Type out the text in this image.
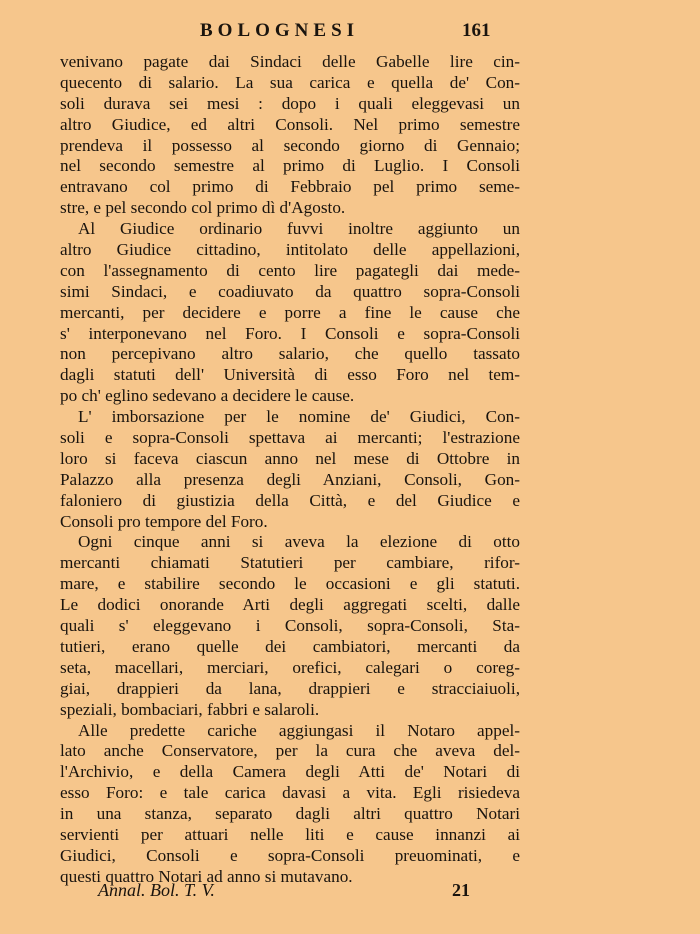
BOLOGNESI	161
venivano pagate dai Sindaci delle Gabelle lire cin-
quecento di salario. La sua carica e quella de' Con-
soli durava sei mesi : dopo i quali eleggevasi un
altro Giudice, ed altri Consoli. Nel primo semestre
prendeva il possesso al secondo giorno di Gennaio;
nel secondo semestre al primo di Luglio. I Consoli
entravano col primo di Febbraio pel primo seme-
stre, e pel secondo col primo dì d'Agosto.
Al Giudice ordinario fuvvi inoltre aggiunto un
altro Giudice cittadino, intitolato delle appellazioni,
con l'assegnamento di cento lire pagategli dai mede-
simi Sindaci, e coadiuvato da quattro sopra-Consoli
mercanti, per decidere e porre a fine le cause che
s' interponevano nel Foro. I Consoli e sopra-Consoli
non percepivano altro salario, che quello tassato
dagli statuti dell' Università di esso Foro nel tem-
po ch' eglino sedevano a decidere le cause.
L' imborsazione per le nomine de' Giudici, Con-
soli e sopra-Consoli spettava ai mercanti; l'estrazione
loro si faceva ciascun anno nel mese di Ottobre in
Palazzo alla presenza degli Anziani, Consoli, Gon-
faloniero di giustizia della Città, e del Giudice e
Consoli pro tempore del Foro.
Ogni cinque anni si aveva la elezione di otto
mercanti chiamati Statutieri per cambiare, rifor-
mare, e stabilire secondo le occasioni e gli statuti.
Le dodici onorande Arti degli aggregati scelti, dalle
quali s' eleggevano i Consoli, sopra-Consoli, Sta-
tutieri, erano quelle dei cambiatori, mercanti da
seta, macellari, merciari, orefici, calegari o coreg-
giai, drappieri da lana, drappieri e stracciaiuoli,
speziali, bombaciari, fabbri e salaroli.
Alle predette cariche aggiungasi il Notaro appel-
lato anche Conservatore, per la cura che aveva del-
l'Archivio, e della Camera degli Atti de' Notari di
esso Foro: e tale carica davasi a vita. Egli risiedeva
in una stanza, separato dagli altri quattro Notari
servienti per attuari nelle liti e cause innanzi ai
Giudici, Consoli e sopra-Consoli preuominati, e
questi quattro Notari ad anno si mutavano.
Annal. Bol. T. V.	21
